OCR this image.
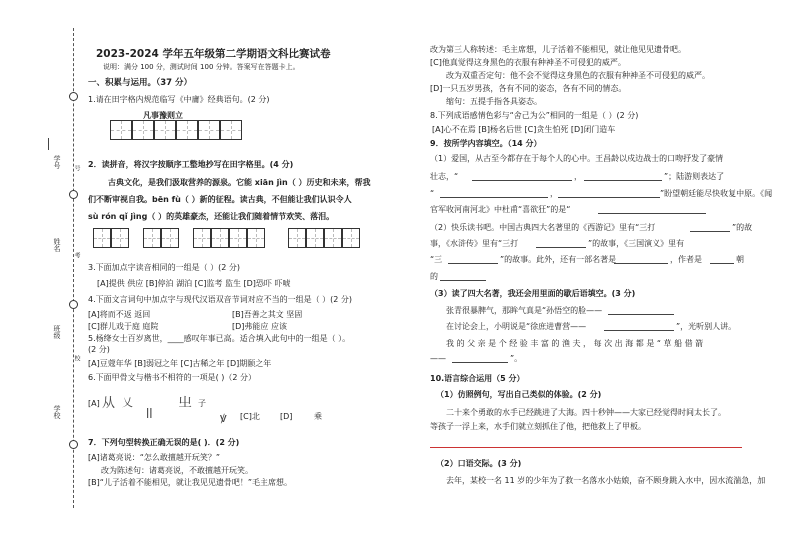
学号 号
姓名
考
班级
校
学校
2023-2024 学年五年级第二学期语文科比赛试卷
说明：满分 100 分，测试时间 100 分钟。答案写在答题卡上。
一、积累与运用。（37 分）
1.请在田字格内规范临写《中庸》经典语句。(2 分)
凡事豫则立
2．读拼音，将汉字按顺序工整地抄写在田字格里。(4 分)
古典文化，是我们汲取营养的源泉。它能 xiān jìn（ ）历史和未来，帮我
们不断审视自我。bēn fù（ ）新的征程。读古典，不但能让我们认识令人
sù rón qǐ jìng（ ）的英雄豪杰，还能让我们随着情节欢笑、落泪。
3.下面加点字读音相同的一组是（ ）(2 分)
[A]提供 供应 [B]停泊 湖泊 [C]监考 监生 [D]恐吓 吓唬
4.下面文言词句中加点字与现代汉语双音节词对应不当的一组是（ ）(2 分)
[A]将而不返 返回	[B]吾善之其文 坚固
[C]群儿戏于庭 庭院	[D]弗能应 应该
5.杨绛女士百岁离世，____感叹年事已高。适合填入此句中的一组是（ ）。
(2 分)
[A]豆蔻年华 [B]弱冠之年 [C]古稀之年 [D]期颐之年
6.下面甲骨文与楷书不相符的一项是( )（2 分）
[A] 从 乂
ꟾꟾ
㞢 子
ꝟ [C]北	[D]	乘
7．下列句型转换正确无误的是( )．(2 分)
[A]诸葛亮说：“怎么敢擅越开玩笑？”
改为陈述句：诸葛亮说，不敢擅越开玩笑。
[B]“儿子活着不能相见，就让我见见遗骨吧！”毛主席想。
改为第三人称转述：毛主席想，儿子活着不能相见，就让他见见遗骨吧。
[C]他真觉得这身黑色的衣服有种神圣不可侵犯的威严。
改为双重否定句：他不会不觉得这身黑色的衣服有种神圣不可侵犯的威严。
[D]一只五岁男孩，各有不同的姿态，各有不同的情态。
缩句：五提手指各具姿态。
8.下列成语感情色彩与“舍己为公”相同的一组是（ ）(2 分)
[A]心不在焉 [B]杨名后世 [C]贪生怕死 [D]闭门造车
9．按所学内容填空。（14 分）
（1）爱国，从古至今都存在于每个人的心中。王昌龄以戍边战士的口吻抒发了豪情
壮志，“	，	”；陆游则表达了
“	，	”盼望朝廷能尽快收复中原。《闻
官军收河南河北》中杜甫“喜欲狂”的是“
（2）快乐读书吧。中国古典四大名著里的《西游记》里有“三打	”的故
事，《水浒传》里有“三打	”的故事，《三国演义》里有
“三	”的故事。此外，还有一部名著是	，作者是	朝
的
（3）读了四大名著，我还会用里面的歇后语填空。(3 分)
张青很暴脾气，那眸气真是“孙悟空的脸——
在讨论会上，小明说是“徐庶进曹营——	”，光听别人讲。
我 的 父 亲 是 个 经 验 丰 富 的 渔 夫 ， 每 次 出 海 都 是 “ 草 船 借 箭
——	”。
10.语言综合运用（5 分）
（1）仿照例句，写出自己类似的体验。(2 分)
二十来个勇敢的水手已经跳进了大海。四十秒钟——大家已经觉得时间太长了。
等孩子一浮上来，水手们就立刻抓住了他，把他救上了甲板。
（2）口语交际。(3 分)
去年，某校一名 11 岁的少年为了救一名落水小姑娘，奋不顾身跳入水中，因水流湍急，加
